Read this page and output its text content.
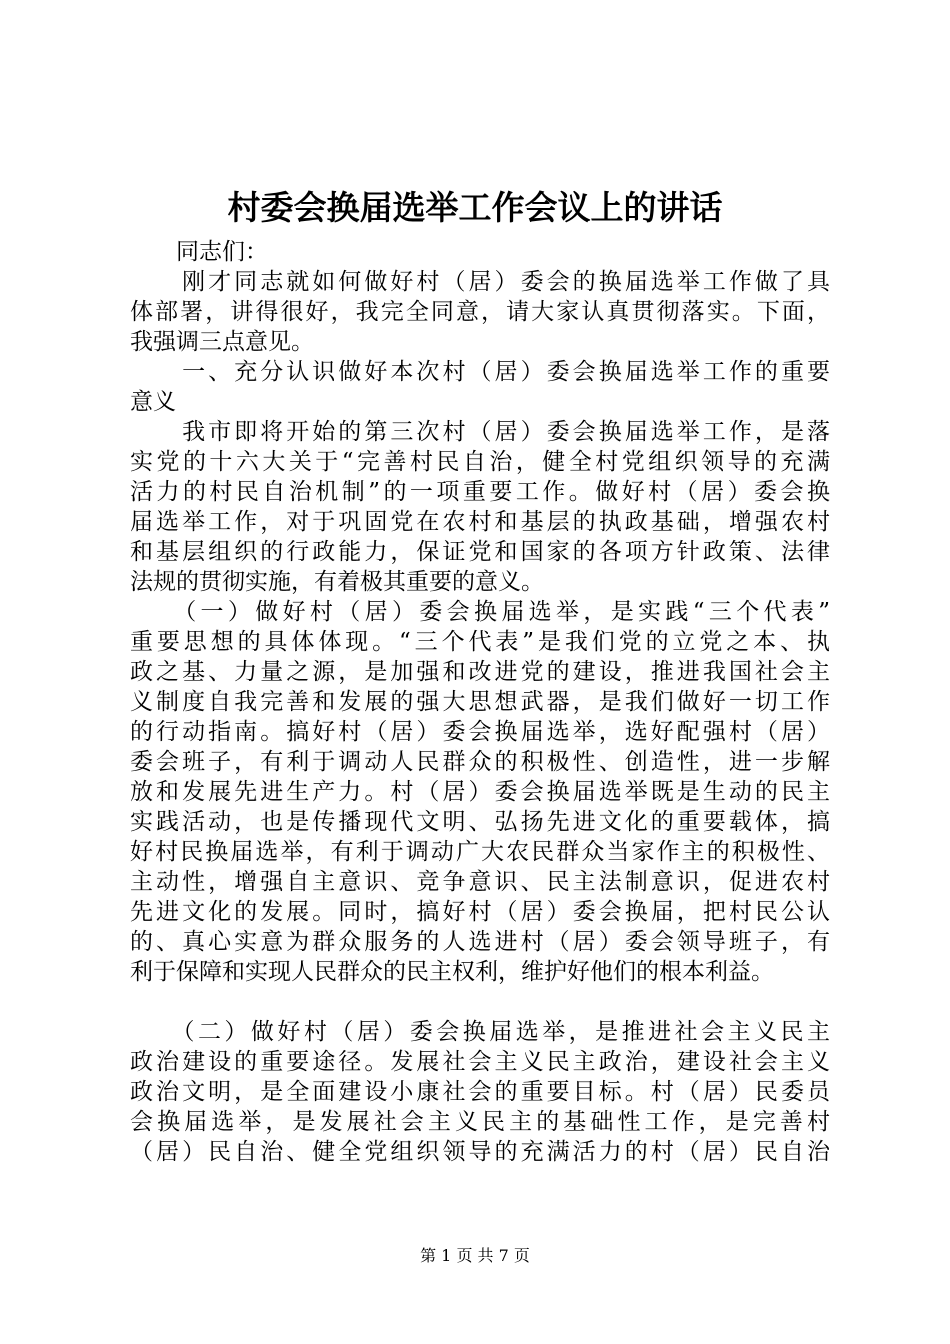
村委会换届选举工作会议上的讲话
　　同志们：
　　刚才同志就如何做好村（居）委会的换届选举工作做了具
体部署，讲得很好，我完全同意，请大家认真贯彻落实。下面，
我强调三点意见。
　　一、充分认识做好本次村（居）委会换届选举工作的重要
意义
　　我市即将开始的第三次村（居）委会换届选举工作，是落
实党的十六大关于“完善村民自治，健全村党组织领导的充满
活力的村民自治机制”的一项重要工作。做好村（居）委会换
届选举工作，对于巩固党在农村和基层的执政基础，增强农村
和基层组织的行政能力，保证党和国家的各项方针政策、法律
法规的贯彻实施，有着极其重要的意义。
　　（一）做好村（居）委会换届选举，是实践“三个代表”
重要思想的具体体现。“三个代表”是我们党的立党之本、执
政之基、力量之源，是加强和改进党的建设，推进我国社会主
义制度自我完善和发展的强大思想武器，是我们做好一切工作
的行动指南。搞好村（居）委会换届选举，选好配强村（居）
委会班子，有利于调动人民群众的积极性、创造性，进一步解
放和发展先进生产力。村（居）委会换届选举既是生动的民主
实践活动，也是传播现代文明、弘扬先进文化的重要载体，搞
好村民换届选举，有利于调动广大农民群众当家作主的积极性、
主动性，增强自主意识、竞争意识、民主法制意识，促进农村
先进文化的发展。同时，搞好村（居）委会换届，把村民公认
的、真心实意为群众服务的人选进村（居）委会领导班子，有
利于保障和实现人民群众的民主权利，维护好他们的根本利益。
　　（二）做好村（居）委会换届选举，是推进社会主义民主
政治建设的重要途径。发展社会主义民主政治，建设社会主义
政治文明，是全面建设小康社会的重要目标。村（居）民委员
会换届选举，是发展社会主义民主的基础性工作，是完善村
（居）民自治、健全党组织领导的充满活力的村（居）民自治
第 1 页 共 7 页
